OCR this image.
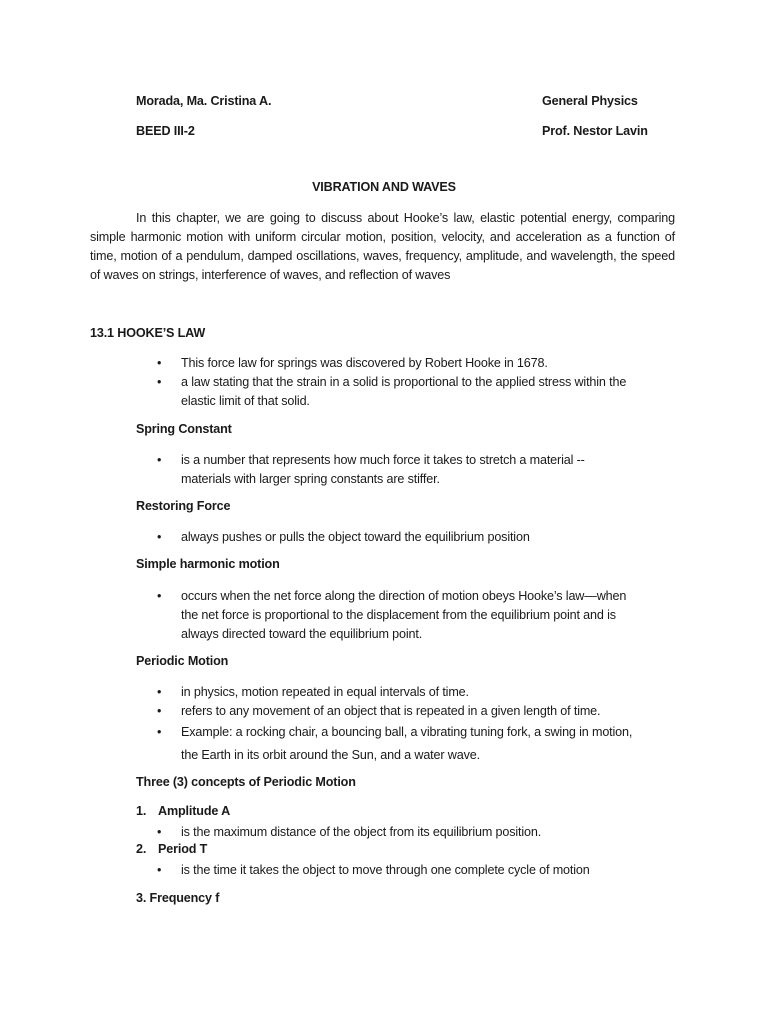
Morada, Ma. Cristina A.	General Physics
BEED III-2	Prof. Nestor Lavin
VIBRATION AND WAVES
In this chapter, we are going to discuss about Hooke’s law, elastic potential energy, comparing simple harmonic motion with uniform circular motion, position, velocity, and acceleration as a function of time, motion of a pendulum, damped oscillations, waves, frequency, amplitude, and wavelength, the speed of waves on strings, interference of waves, and reflection of waves
13.1 HOOKE’S LAW
• This force law for springs was discovered by Robert Hooke in 1678.
• a law stating that the strain in a solid is proportional to the applied stress within the elastic limit of that solid.
Spring Constant
• is a number that represents how much force it takes to stretch a material -- materials with larger spring constants are stiffer.
Restoring Force
• always pushes or pulls the object toward the equilibrium position
Simple harmonic motion
• occurs when the net force along the direction of motion obeys Hooke’s law—when the net force is proportional to the displacement from the equilibrium point and is always directed toward the equilibrium point.
Periodic Motion
• in physics, motion repeated in equal intervals of time.
• refers to any movement of an object that is repeated in a given length of time.
• Example: a rocking chair, a bouncing ball, a vibrating tuning fork, a swing in motion, the Earth in its orbit around the Sun, and a water wave.
Three (3) concepts of Periodic Motion
1. Amplitude A
• is the maximum distance of the object from its equilibrium position.
2. Period T
• is the time it takes the object to move through one complete cycle of motion
3. Frequency f
